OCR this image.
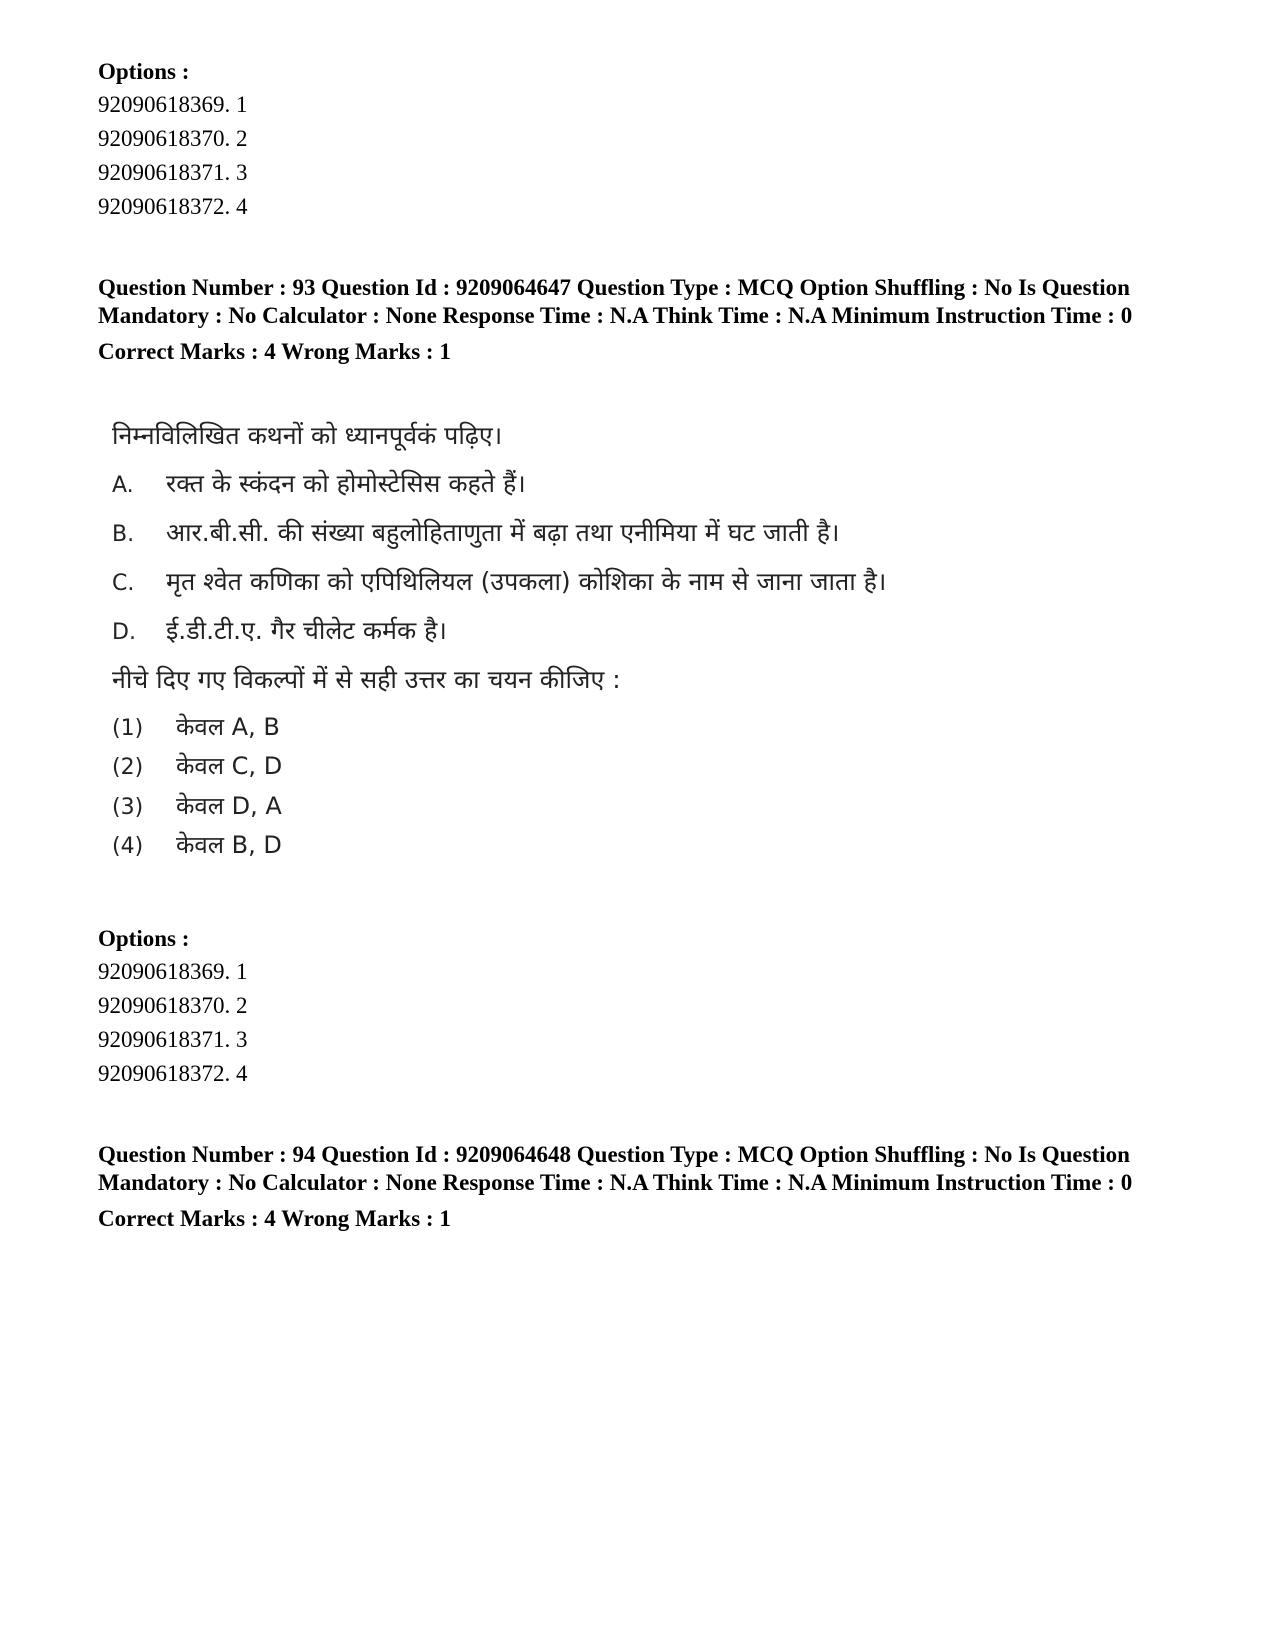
Options :
92090618369. 1
92090618370. 2
92090618371. 3
92090618372. 4
Question Number : 93 Question Id : 9209064647 Question Type : MCQ Option Shuffling : No Is Question Mandatory : No Calculator : None Response Time : N.A Think Time : N.A Minimum Instruction Time : 0
Correct Marks : 4 Wrong Marks : 1
निम्नविलिखित कथनों को ध्यानपूर्वकं पढ़िए।
A. रक्त के स्कंदन को होमोस्टेसिस कहते हैं।
B. आर.बी.सी. की संख्या बहुलोहिताणुता में बढ़ा तथा एनीमिया में घट जाती है।
C. मृत श्वेत कणिका को एपिथिलियल (उपकला) कोशिका के नाम से जाना जाता है।
D. ई.डी.टी.ए. गैर चीलेट कर्मक है।
नीचे दिए गए विकल्पों में से सही उत्तर का चयन कीजिए :
(1) केवल A, B
(2) केवल C, D
(3) केवल D, A
(4) केवल B, D
Options :
92090618369. 1
92090618370. 2
92090618371. 3
92090618372. 4
Question Number : 94 Question Id : 9209064648 Question Type : MCQ Option Shuffling : No Is Question Mandatory : No Calculator : None Response Time : N.A Think Time : N.A Minimum Instruction Time : 0
Correct Marks : 4 Wrong Marks : 1
